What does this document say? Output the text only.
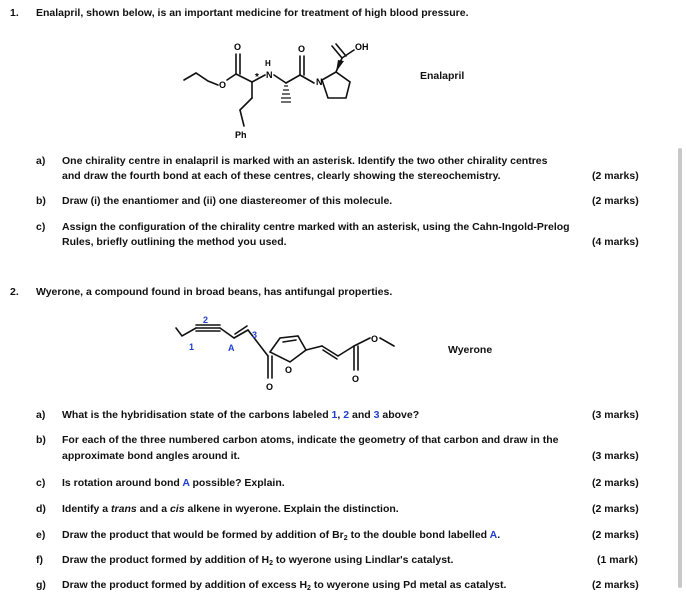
1. Enalapril, shown below, is an important medicine for treatment of high blood pressure.
O
O
O	OH
H
N
N
*
Ph
Enalapril
a) One chirality centre in enalapril is marked with an asterisk. Identify the two other chirality centres
and draw the fourth bond at each of these centres, clearly showing the stereochemistry.	(2 marks)
b) Draw (i) the enantiomer and (ii) one diastereomer of this molecule.	(2 marks)
c) Assign the configuration of the chirality centre marked with an asterisk, using the Cahn-Ingold-Prelog
Rules, briefly outlining the method you used.	(4 marks)
2. Wyerone, a compound found in broad beans, has antifungal properties.
2
1	A
3
O
O
O
O
Wyerone
a) What is the hybridisation state of the carbons labeled 1, 2 and 3 above?	(3 marks)
b) For each of the three numbered carbon atoms, indicate the geometry of that carbon and draw in the
approximate bond angles around it.	(3 marks)
c) Is rotation around bond A possible? Explain.	(2 marks)
d) Identify a trans and a cis alkene in wyerone. Explain the distinction.	(2 marks)
e) Draw the product that would be formed by addition of $Br_2$ to the double bond labelled A.	(2 marks)
f) Draw the product formed by addition of $H_2$ to wyerone using Lindlar's catalyst.	(1 mark)
g) Draw the product formed by addition of excess $H_2$ to wyerone using Pd metal as catalyst.	(2 marks)
